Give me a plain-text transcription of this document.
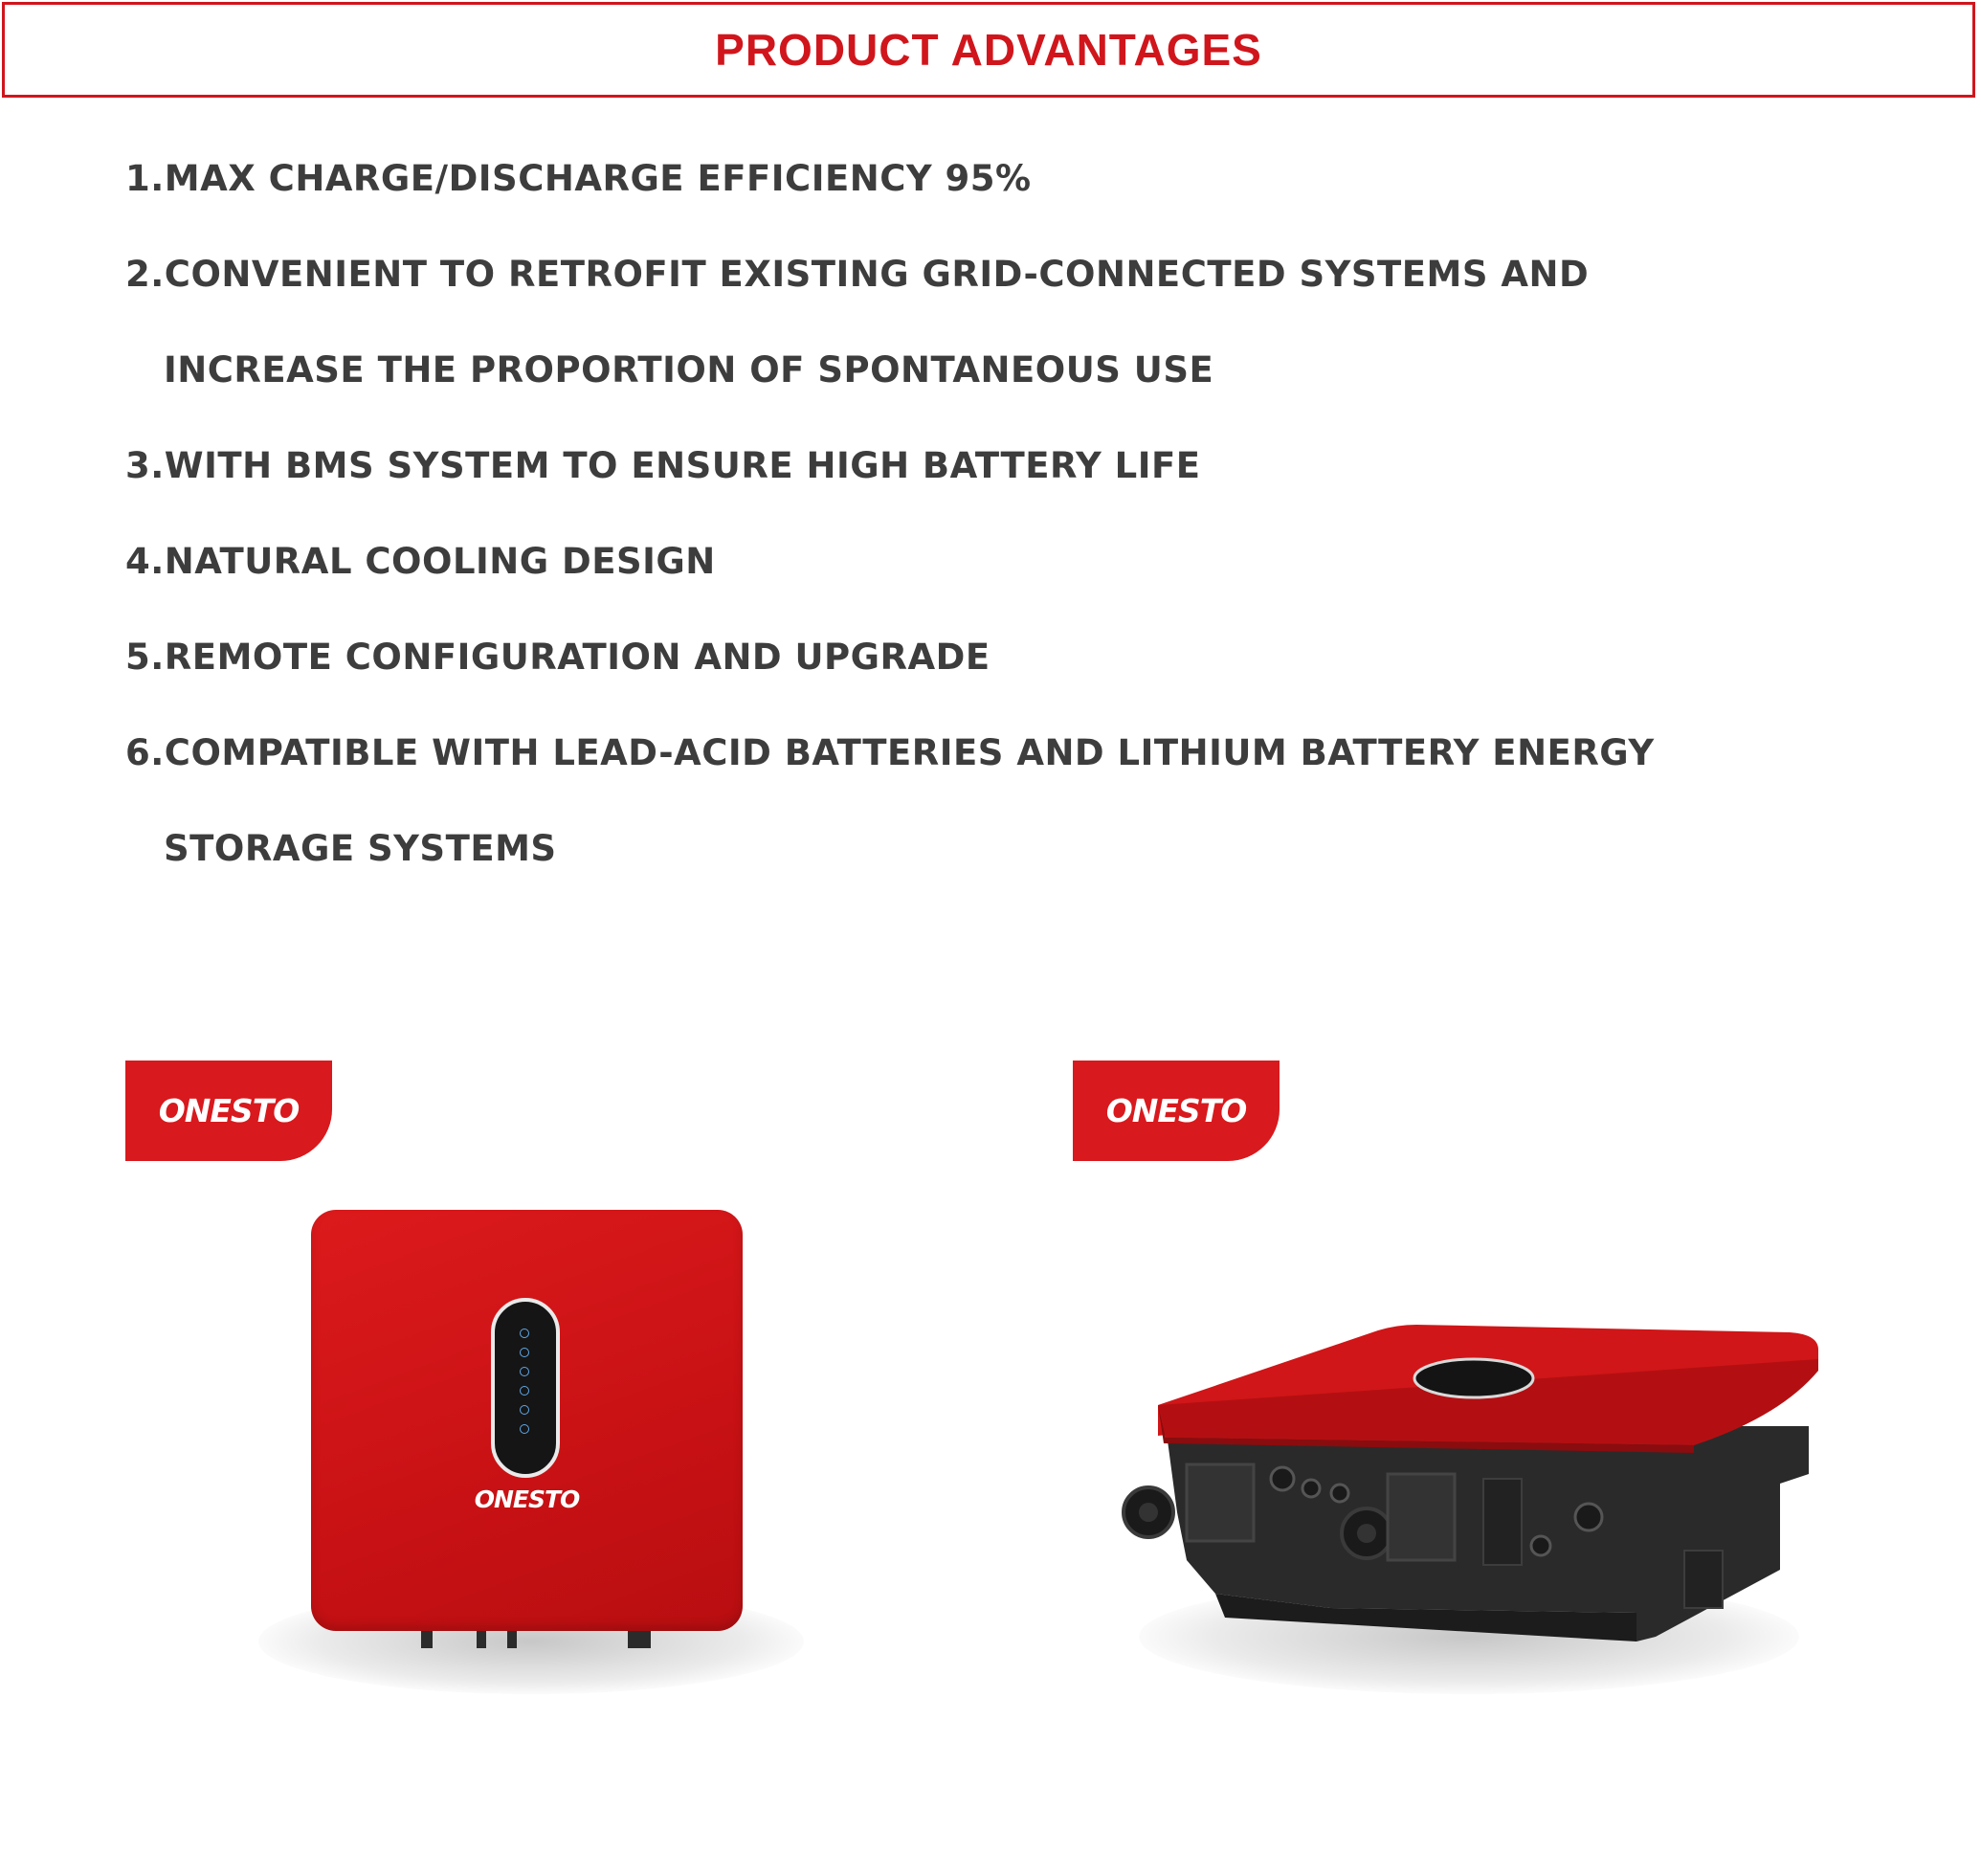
PRODUCT ADVANTAGES
1.MAX CHARGE/DISCHARGE EFFICIENCY 95%
2.CONVENIENT TO RETROFIT EXISTING GRID-CONNECTED SYSTEMS AND
INCREASE THE PROPORTION OF SPONTANEOUS USE
3.WITH BMS SYSTEM TO ENSURE HIGH BATTERY LIFE
4.NATURAL COOLING DESIGN
5.REMOTE CONFIGURATION AND UPGRADE
6.COMPATIBLE WITH LEAD-ACID BATTERIES AND LITHIUM BATTERY ENERGY
STORAGE SYSTEMS
ONESTO	ONESTO
ONESTO
